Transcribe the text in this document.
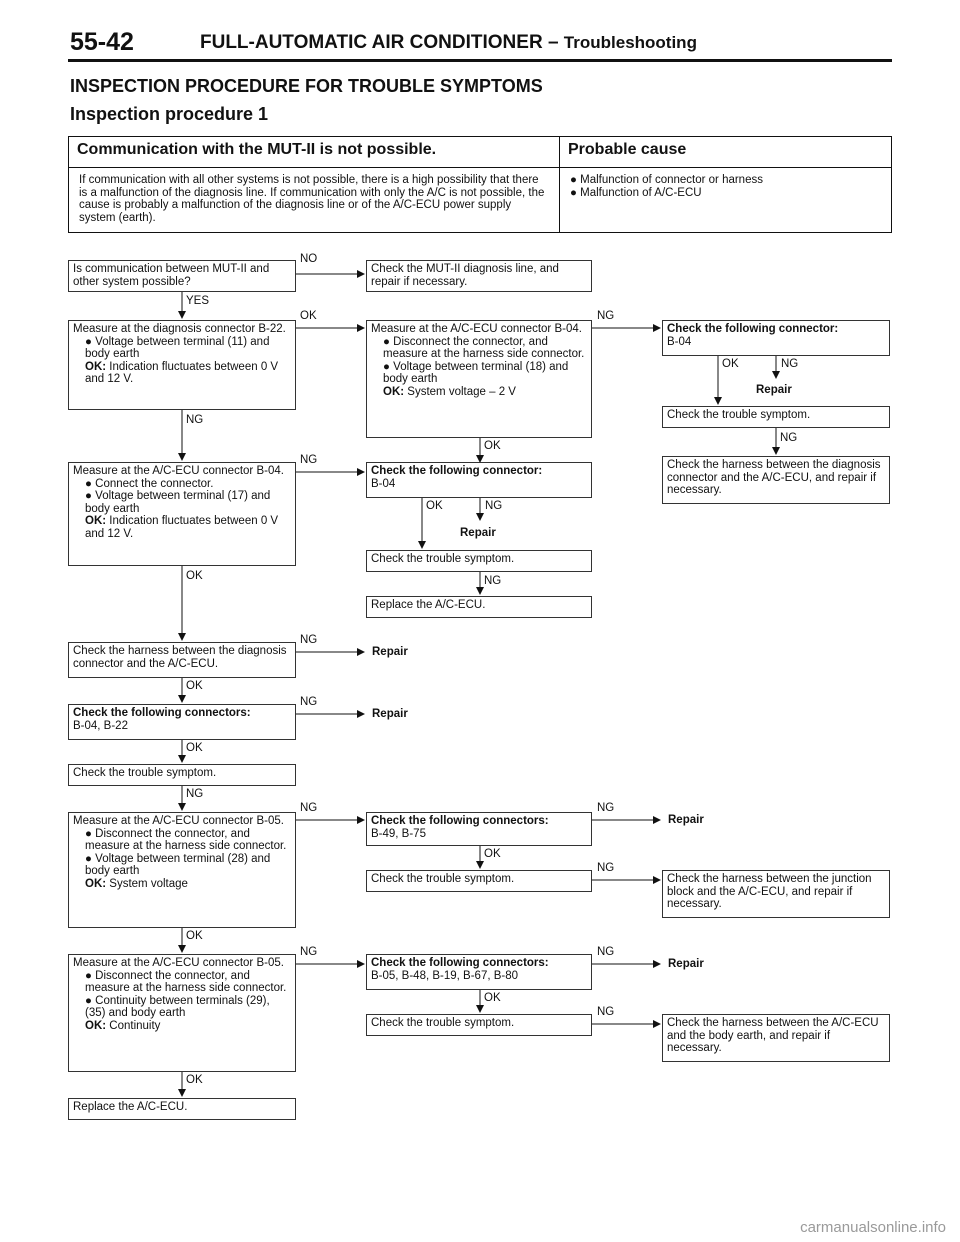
55-42	FULL-AUTOMATIC AIR CONDITIONER – Troubleshooting
INSPECTION PROCEDURE FOR TROUBLE SYMPTOMS
Inspection procedure 1
Communication with the MUT-II is not possible.	Probable cause
If communication with all other systems is not possible, there is a high possibility that there is a malfunction of the diagnosis line. If communication with only the A/C is not possible, the cause is probably a malfunction of the diagnosis line or of the A/C-ECU power supply system (earth).	● Malfunction of connector or harness
● Malfunction of A/C-ECU
Is communication between MUT-II and other system possible?
Check the MUT-II diagnosis line, and repair if necessary.
Measure at the diagnosis connector B-22.
● Voltage between terminal (11) and body earth
OK: Indication fluctuates between 0 V and 12 V.
Measure at the A/C-ECU connector B-04.
● Disconnect the connector, and measure at the harness side connector.
● Voltage between terminal (18) and body earth
OK: System voltage – 2 V
Check the following connector:
B-04
Check the trouble symptom.
Check the harness between the diagnosis connector and the A/C-ECU, and repair if necessary.
Measure at the A/C-ECU connector B-04.
● Connect the connector.
● Voltage between terminal (17) and body earth
OK: Indication fluctuates between 0 V and 12 V.
Check the following connector:
B-04
Check the trouble symptom.
Replace the A/C-ECU.
Check the harness between the diagnosis connector and the A/C-ECU.
Check the following connectors:
B-04, B-22
Check the trouble symptom.
Measure at the A/C-ECU connector B-05.
● Disconnect the connector, and measure at the harness side connector.
● Voltage between terminal (28) and body earth
OK: System voltage
Check the following connectors:
B-49, B-75
Check the trouble symptom.	Check the harness between the junction block and the A/C-ECU, and repair if necessary.
Measure at the A/C-ECU connector B-05.
● Disconnect the connector, and measure at the harness side connector.
● Continuity between terminals (29), (35) and body earth
OK: Continuity
Check the following connectors:
B-05, B-48, B-19, B-67, B-80
Check the trouble symptom.	Check the harness between the A/C-ECU and the body earth, and repair if necessary.
Replace the A/C-ECU.
NO
YES
OK	NG
OK	NG
Repair
NG
NG
OK
NG
OK	NG
Repair
NG
OK
NG
Repair
OK
NG
Repair
OK
NG
NG	NG
Repair
OK
NG
OK
NG	NG
Repair
OK
NG
OK
carmanualsonline.info
